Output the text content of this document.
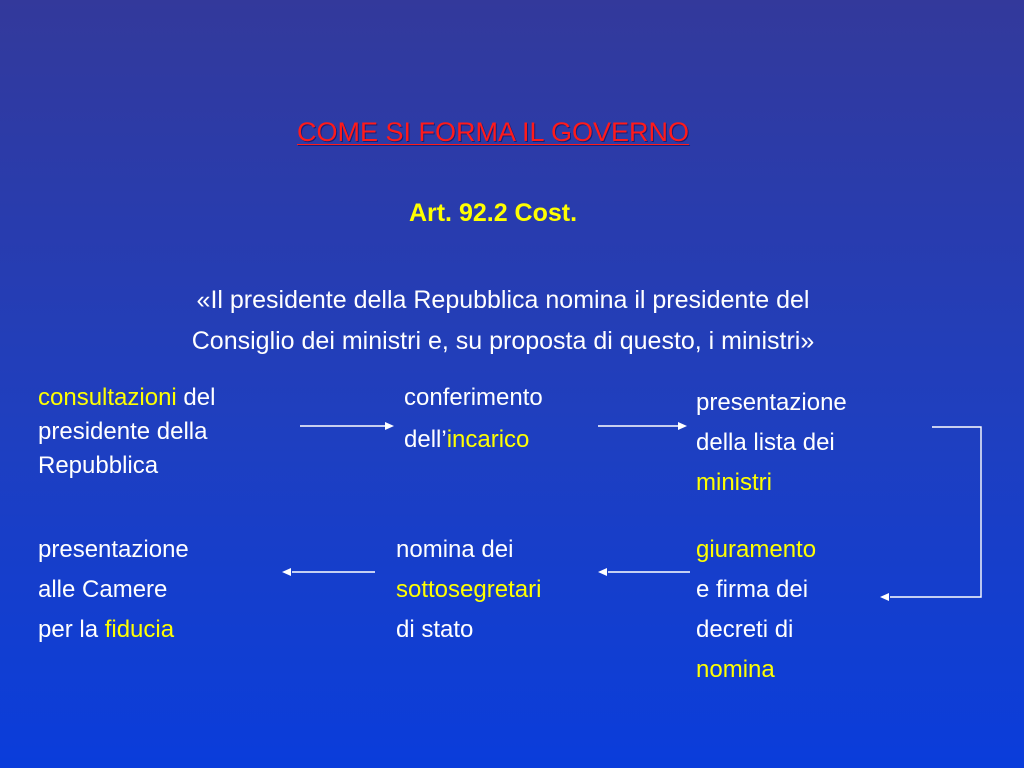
COME SI FORMA IL GOVERNO
Art. 92.2 Cost.
«Il presidente della Repubblica nomina il presidente del
Consiglio dei ministri e, su proposta di questo, i ministri»
consultazioni del
presidente della
Repubblica
conferimento
dell’incarico
presentazione
della lista dei
ministri
giuramento
e firma dei
decreti di
nomina
nomina dei
sottosegretari
di stato
presentazione
alle Camere
per la fiducia
